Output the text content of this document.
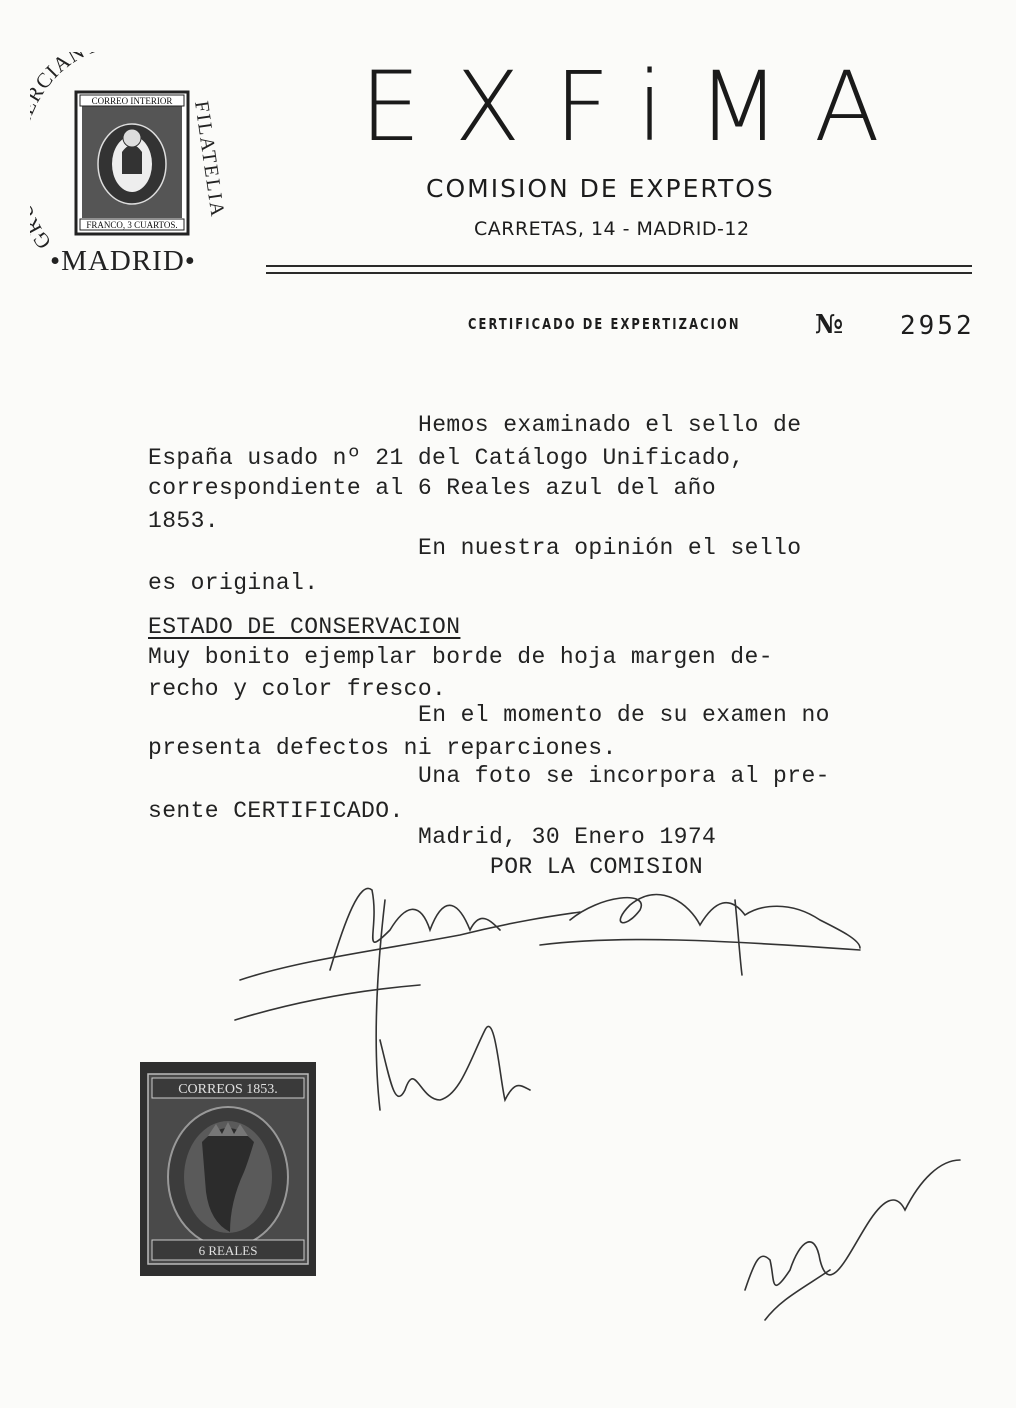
CIAN
FILATELIA
•MADRID•
CORREO INTERIOR
FRANCO, 3 CUARTOS.
EXFiMA
COMISION DE EXPERTOS
CARRETAS, 14 - MADRID-12
CERTIFICADO DE EXPERTIZACION	№ 2952
Hemos examinado el sello de
España usado nº 21 del Catálogo Unificado,
correspondiente al 6 Reales azul del año
1853.
En nuestra opinión el sello
es original.
ESTADO DE CONSERVACION
Muy bonito ejemplar borde de hoja margen de-
recho y color fresco.
En el momento de su examen no
presenta defectos ni reparciones.
Una foto se incorpora al pre-
sente CERTIFICADO.
Madrid, 30 Enero 1974
POR LA COMISION
CORREOS 1853.
6 REALES
